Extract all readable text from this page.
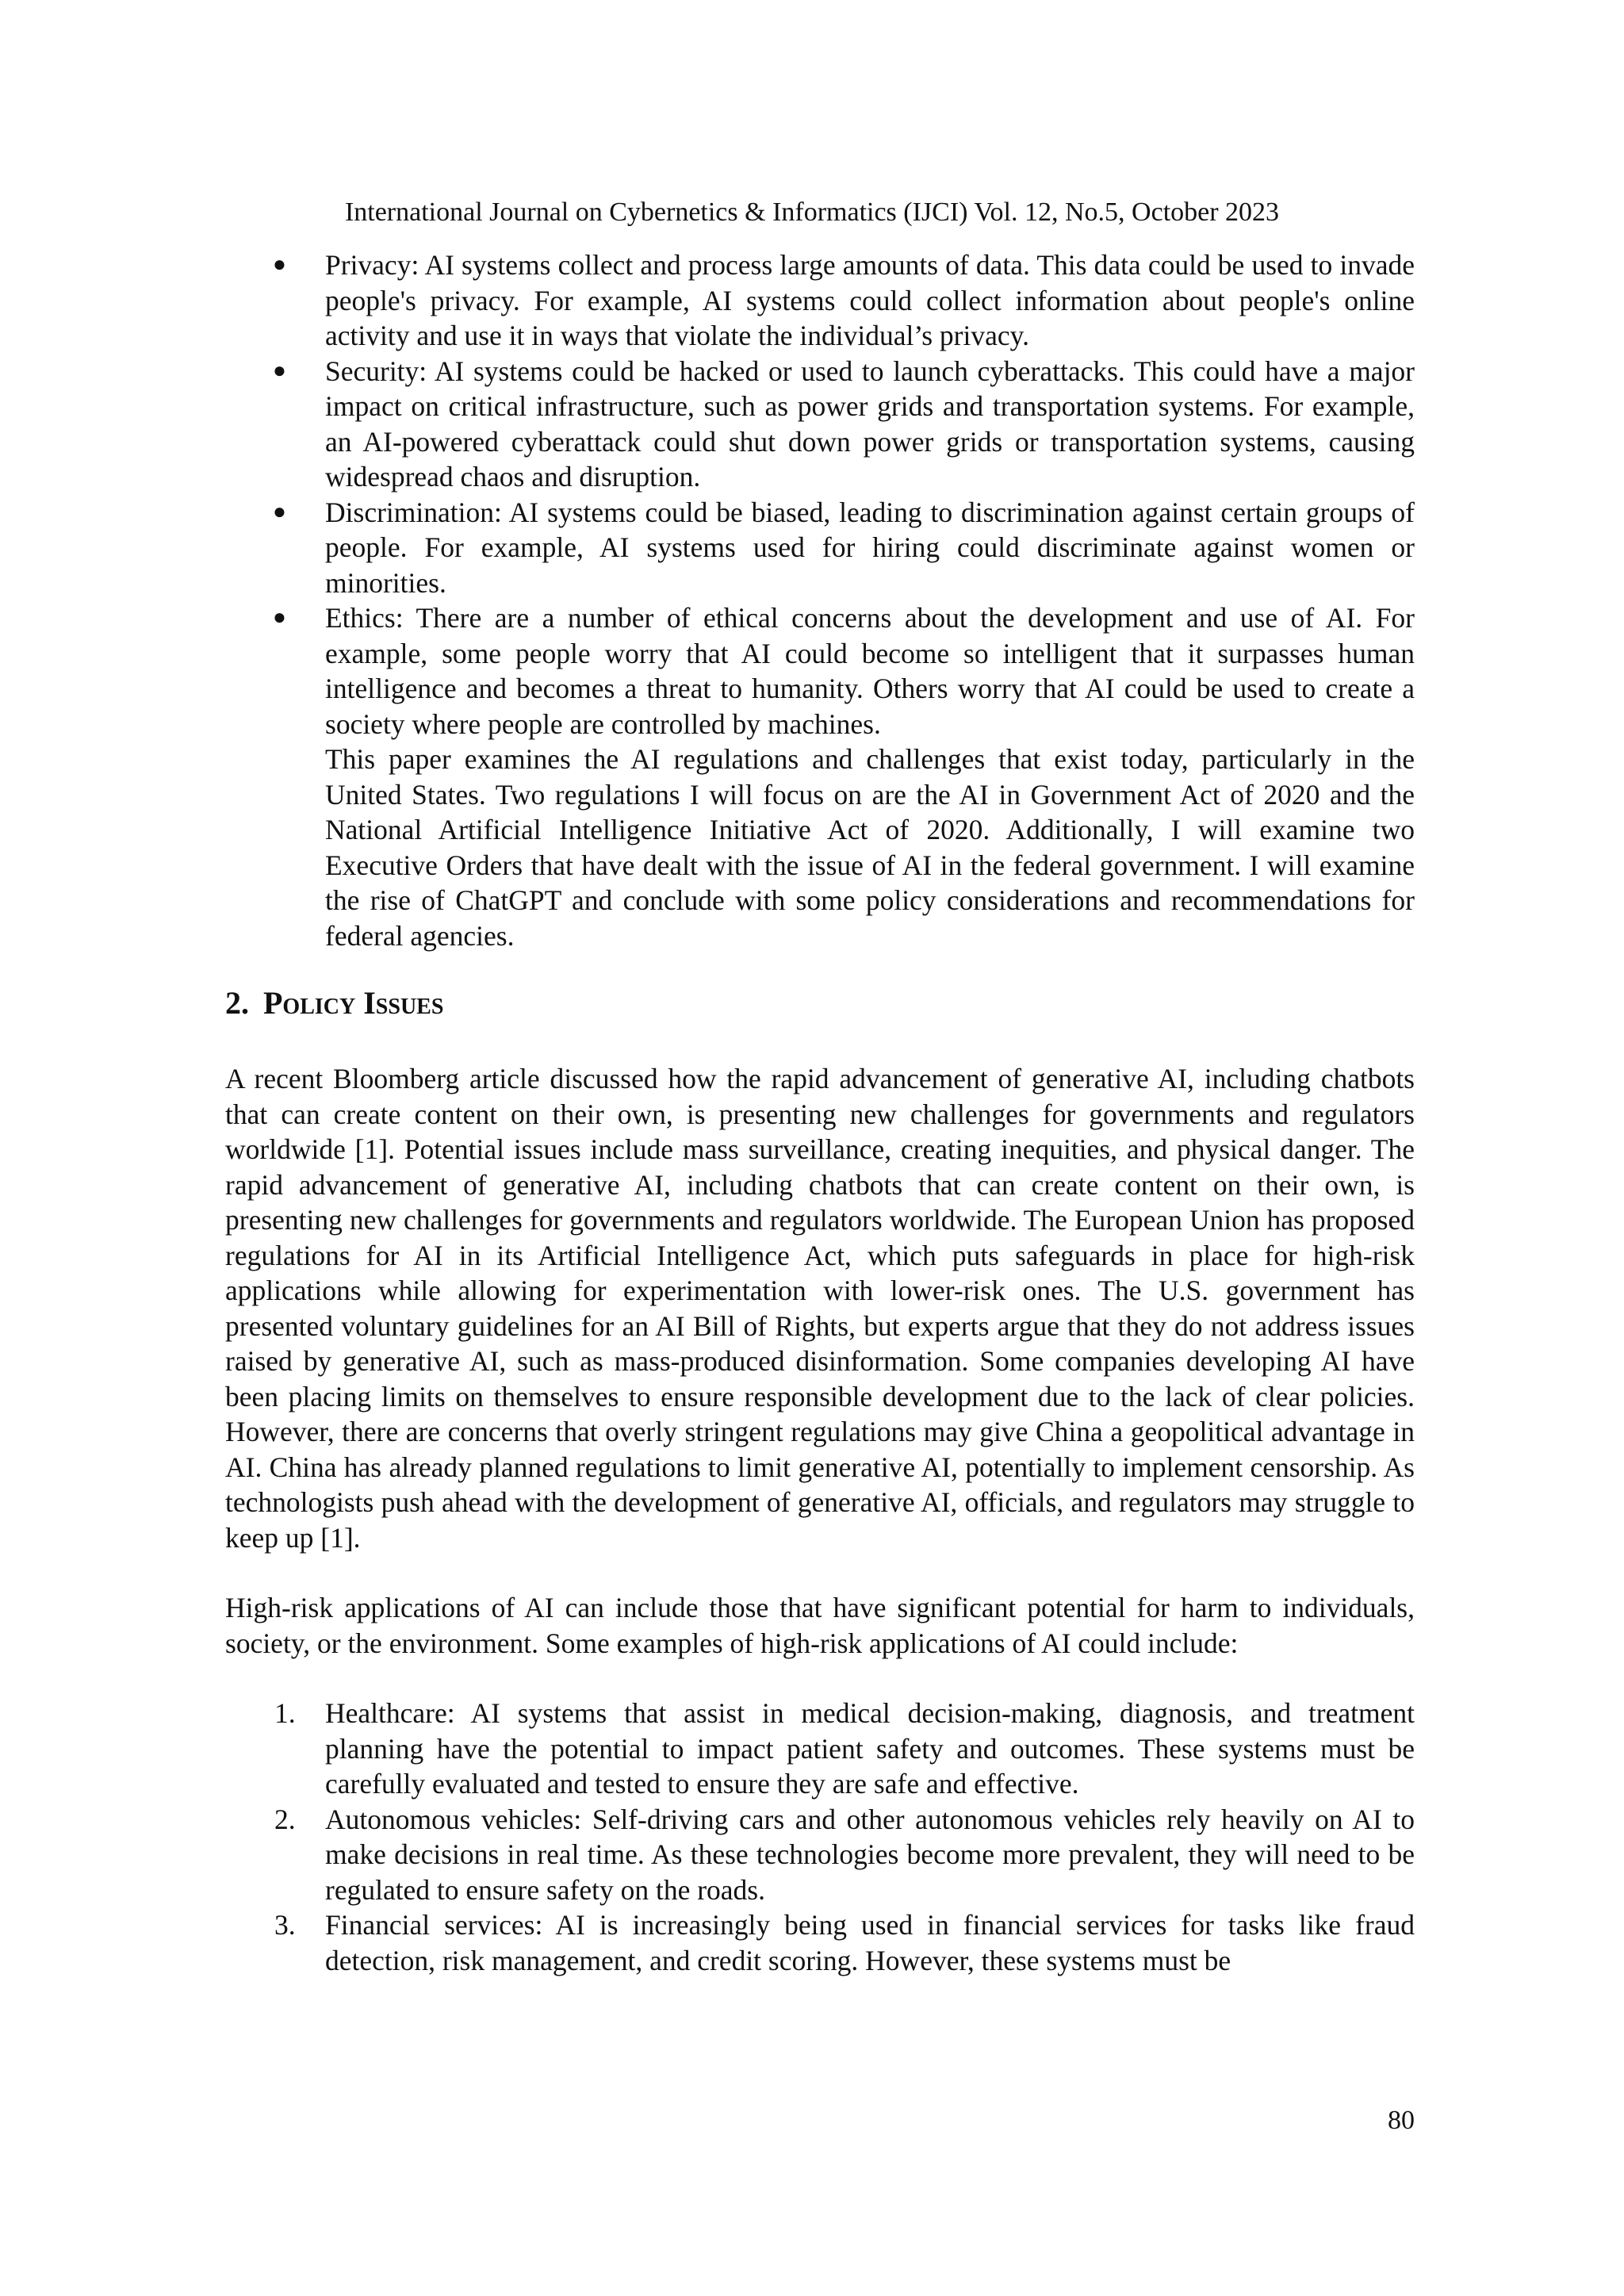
International Journal on Cybernetics & Informatics (IJCI) Vol. 12, No.5, October 2023
● Privacy: AI systems collect and process large amounts of data. This data could be used to invade people's privacy. For example, AI systems could collect information about people's online activity and use it in ways that violate the individual’s privacy.
● Security: AI systems could be hacked or used to launch cyberattacks. This could have a major impact on critical infrastructure, such as power grids and transportation systems. For example, an AI-powered cyberattack could shut down power grids or transportation systems, causing widespread chaos and disruption.
● Discrimination: AI systems could be biased, leading to discrimination against certain groups of people. For example, AI systems used for hiring could discriminate against women or minorities.
● Ethics: There are a number of ethical concerns about the development and use of AI. For example, some people worry that AI could become so intelligent that it surpasses human intelligence and becomes a threat to humanity. Others worry that AI could be used to create a society where people are controlled by machines.

This paper examines the AI regulations and challenges that exist today, particularly in the United States. Two regulations I will focus on are the AI in Government Act of 2020 and the National Artificial Intelligence Initiative Act of 2020. Additionally, I will examine two Executive Orders that have dealt with the issue of AI in the federal government. I will examine the rise of ChatGPT and conclude with some policy considerations and recommendations for federal agencies.

2. Policy Issues

A recent Bloomberg article discussed how the rapid advancement of generative AI, including chatbots that can create content on their own, is presenting new challenges for governments and regulators worldwide [1]. Potential issues include mass surveillance, creating inequities, and physical danger. The rapid advancement of generative AI, including chatbots that can create content on their own, is presenting new challenges for governments and regulators worldwide. The European Union has proposed regulations for AI in its Artificial Intelligence Act, which puts safeguards in place for high-risk applications while allowing for experimentation with lower-risk ones. The U.S. government has presented voluntary guidelines for an AI Bill of Rights, but experts argue that they do not address issues raised by generative AI, such as mass-produced disinformation. Some companies developing AI have been placing limits on themselves to ensure responsible development due to the lack of clear policies. However, there are concerns that overly stringent regulations may give China a geopolitical advantage in AI. China has already planned regulations to limit generative AI, potentially to implement censorship. As technologists push ahead with the development of generative AI, officials, and regulators may struggle to keep up [1].

High-risk applications of AI can include those that have significant potential for harm to individuals, society, or the environment. Some examples of high-risk applications of AI could include:

1. Healthcare: AI systems that assist in medical decision-making, diagnosis, and treatment planning have the potential to impact patient safety and outcomes. These systems must be carefully evaluated and tested to ensure they are safe and effective.
2. Autonomous vehicles: Self-driving cars and other autonomous vehicles rely heavily on AI to make decisions in real time. As these technologies become more prevalent, they will need to be regulated to ensure safety on the roads.
3. Financial services: AI is increasingly being used in financial services for tasks like fraud detection, risk management, and credit scoring. However, these systems must be
80
